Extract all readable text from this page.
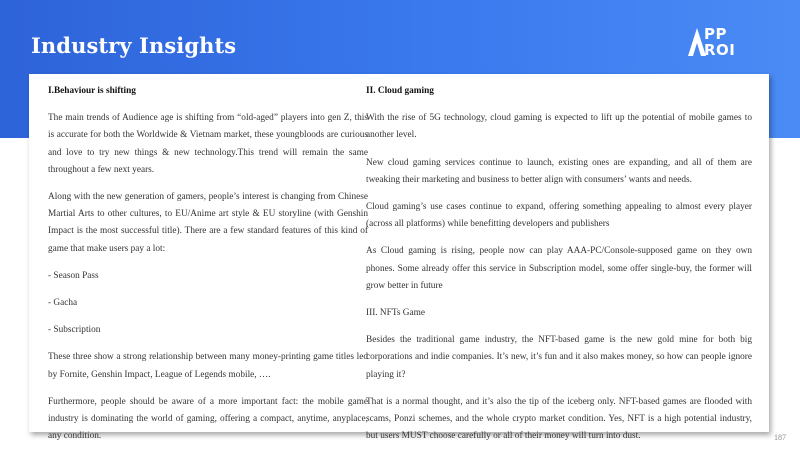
Industry Insights	PP
ROI

I.Behaviour is shifting

The main trends of Audience age is shifting from “old-aged” players into gen Z, this is accurate for both the Worldwide & Vietnam market, these youngbloods are curious and love to try new things & new technology.This trend will remain the same throughout a few next years.

Along with the new generation of gamers, people’s interest is changing from Chinese Martial Arts to other cultures, to EU/Anime art style & EU storyline (with Genshin Impact is the most successful title). There are a few standard features of this kind of game that make users pay a lot:

- Season Pass

- Gacha

- Subscription

These three show a strong relationship between many money-printing game titles led by Fornite, Genshin Impact, League of Legends mobile, ….

Furthermore, people should be aware of a more important fact: the mobile game industry is dominating the world of gaming, offering a compact, anytime, anyplace, any condition.

II. Cloud gaming

With the rise of 5G technology, cloud gaming is expected to lift up the potential of mobile games to another level.

New cloud gaming services continue to launch, existing ones are expanding, and all of them are tweaking their marketing and business to better align with consumers’ wants and needs.

Cloud gaming’s use cases continue to expand, offering something appealing to almost every player (across all platforms) while benefitting developers and publishers

As Cloud gaming is rising, people now can play AAA-PC/Console-supposed game on they own phones. Some already offer this service in Subscription model, some offer single-buy, the former will grow better in future

III. NFTs Game

Besides the traditional game industry, the NFT-based game is the new gold mine for both big corporations and indie companies. It’s new, it’s fun and it also makes money, so how can people ignore playing it?

That is a normal thought, and it’s also the tip of the iceberg only. NFT-based games are flooded with scams, Ponzi schemes, and the whole crypto market condition. Yes, NFT is a high potential industry, but users MUST choose carefully or all of their money will turn into dust.	187
